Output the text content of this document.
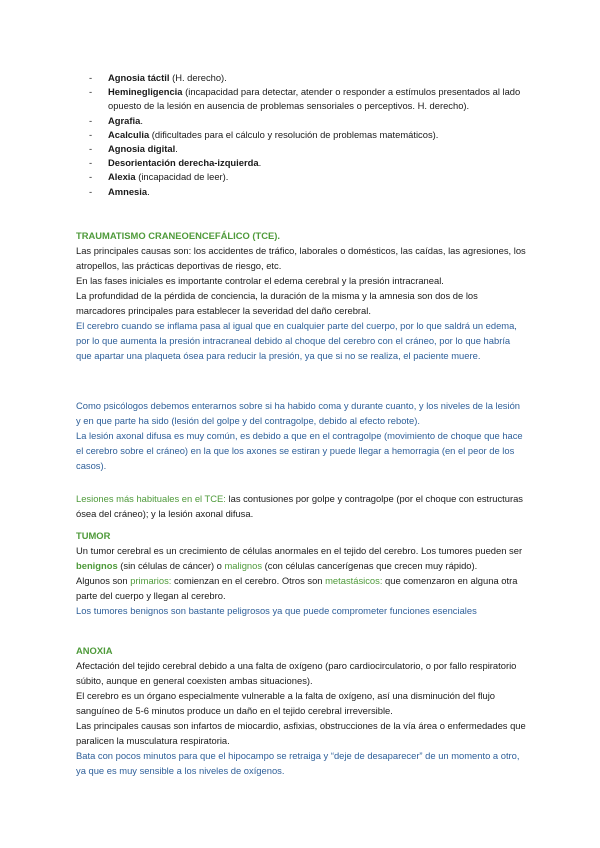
- Agnosia táctil (H. derecho).
- Heminegligencia (incapacidad para detectar, atender o responder a estímulos presentados al lado opuesto de la lesión en ausencia de problemas sensoriales o perceptivos. H. derecho).
- Agrafia.
- Acalculia (dificultades para el cálculo y resolución de problemas matemáticos).
- Agnosia digital.
- Desorientación derecha-izquierda.
- Alexia (incapacidad de leer).
- Amnesia.

TRAUMATISMO CRANEOENCEFÁLICO (TCE).

Las principales causas son: los accidentes de tráfico, laborales o domésticos, las caídas, las agresiones, los atropellos, las prácticas deportivas de riesgo, etc.

En las fases iniciales es importante controlar el edema cerebral y la presión intracraneal.

La profundidad de la pérdida de conciencia, la duración de la misma y la amnesia son dos de los marcadores principales para establecer la severidad del daño cerebral.

El cerebro cuando se inflama pasa al igual que en cualquier parte del cuerpo, por lo que saldrá un edema, por lo que aumenta la presión intracraneal debido al choque del cerebro con el cráneo, por lo que habría que apartar una plaqueta ósea para reducir la presión, ya que si no se realiza, el paciente muere.

Como psicólogos debemos enterarnos sobre si ha habido coma y durante cuanto, y los niveles de la lesión y en que parte ha sido (lesión del golpe y del contragolpe, debido al efecto rebote).

La lesión axonal difusa es muy común, es debido a que en el contragolpe (movimiento de choque que hace el cerebro sobre el cráneo) en la que los axones se estiran y puede llegar a hemorragia (en el peor de los casos).

Lesiones más habituales en el TCE: las contusiones por golpe y contragolpe (por el choque con estructuras ósea del cráneo); y la lesión axonal difusa.

TUMOR

Un tumor cerebral es un crecimiento de células anormales en el tejido del cerebro. Los tumores pueden ser benignos (sin células de cáncer) o malignos (con células cancerígenas que crecen muy rápido).

Algunos son primarios: comienzan en el cerebro. Otros son metastásicos: que comenzaron en alguna otra parte del cuerpo y llegan al cerebro.

Los tumores benignos son bastante peligrosos ya que puede comprometer funciones esenciales

ANOXIA

Afectación del tejido cerebral debido a una falta de oxígeno (paro cardiocirculatorio, o por fallo respiratorio súbito, aunque en general coexisten ambas situaciones).

El cerebro es un órgano especialmente vulnerable a la falta de oxígeno, así una disminución del flujo sanguíneo de 5-6 minutos produce un daño en el tejido cerebral irreversible.

Las principales causas son infartos de miocardio, asfixias, obstrucciones de la vía área o enfermedades que paralicen la musculatura respiratoria.

Bata con pocos minutos para que el hipocampo se retraiga y “deje de desaparecer” de un momento a otro, ya que es muy sensible a los niveles de oxígenos.
